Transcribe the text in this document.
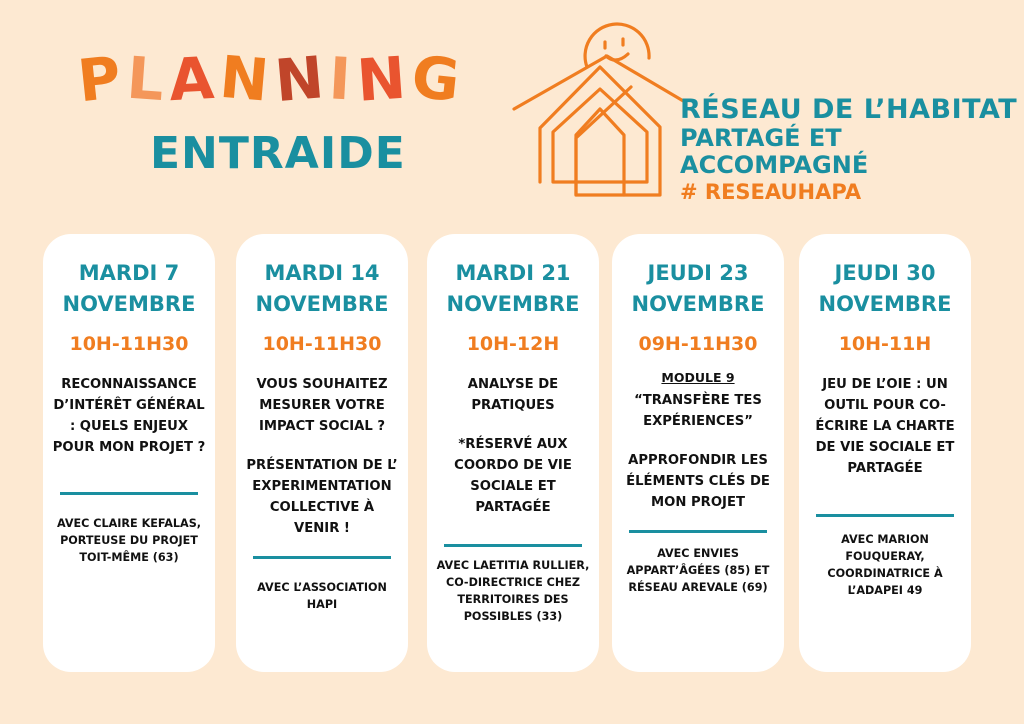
PLANNING
ENTRAIDE
RÉSEAU DE L’HABITAT
PARTAGÉ ET ACCOMPAGNÉ
# RESEAUHAPA
MARDI 7
NOVEMBRE
10H-11H30

RECONNAISSANCE D’INTÉRÊT GÉNÉRAL : QUELS ENJEUX POUR MON PROJET ?

AVEC CLAIRE KEFALAS, PORTEUSE DU PROJET TOIT-MÊME (63)
MARDI 14
NOVEMBRE
10H-11H30

VOUS SOUHAITEZ MESURER VOTRE IMPACT SOCIAL ?

PRÉSENTATION DE L’ EXPERIMENTATION COLLECTIVE À VENIR !

AVEC L’ASSOCIATION HAPI
MARDI 21
NOVEMBRE
10H-12H

ANALYSE DE PRATIQUES

*RÉSERVÉ AUX COORDO DE VIE SOCIALE ET PARTAGÉE

AVEC LAETITIA RULLIER, CO-DIRECTRICE CHEZ TERRITOIRES DES POSSIBLES (33)
JEUDI 23
NOVEMBRE
09H-11H30
MODULE 9

“TRANSFÈRE TES EXPÉRIENCES”

APPROFONDIR LES ÉLÉMENTS CLÉS DE MON PROJET

AVEC ENVIES APPART’ÂGÉES (85) ET RÉSEAU AREVALE (69)
JEUDI 30
NOVEMBRE
10H-11H

JEU DE L’OIE : UN OUTIL POUR CO-ÉCRIRE LA CHARTE DE VIE SOCIALE ET PARTAGÉE

AVEC MARION FOUQUERAY, COORDINATRICE À L’ADAPEI 49
